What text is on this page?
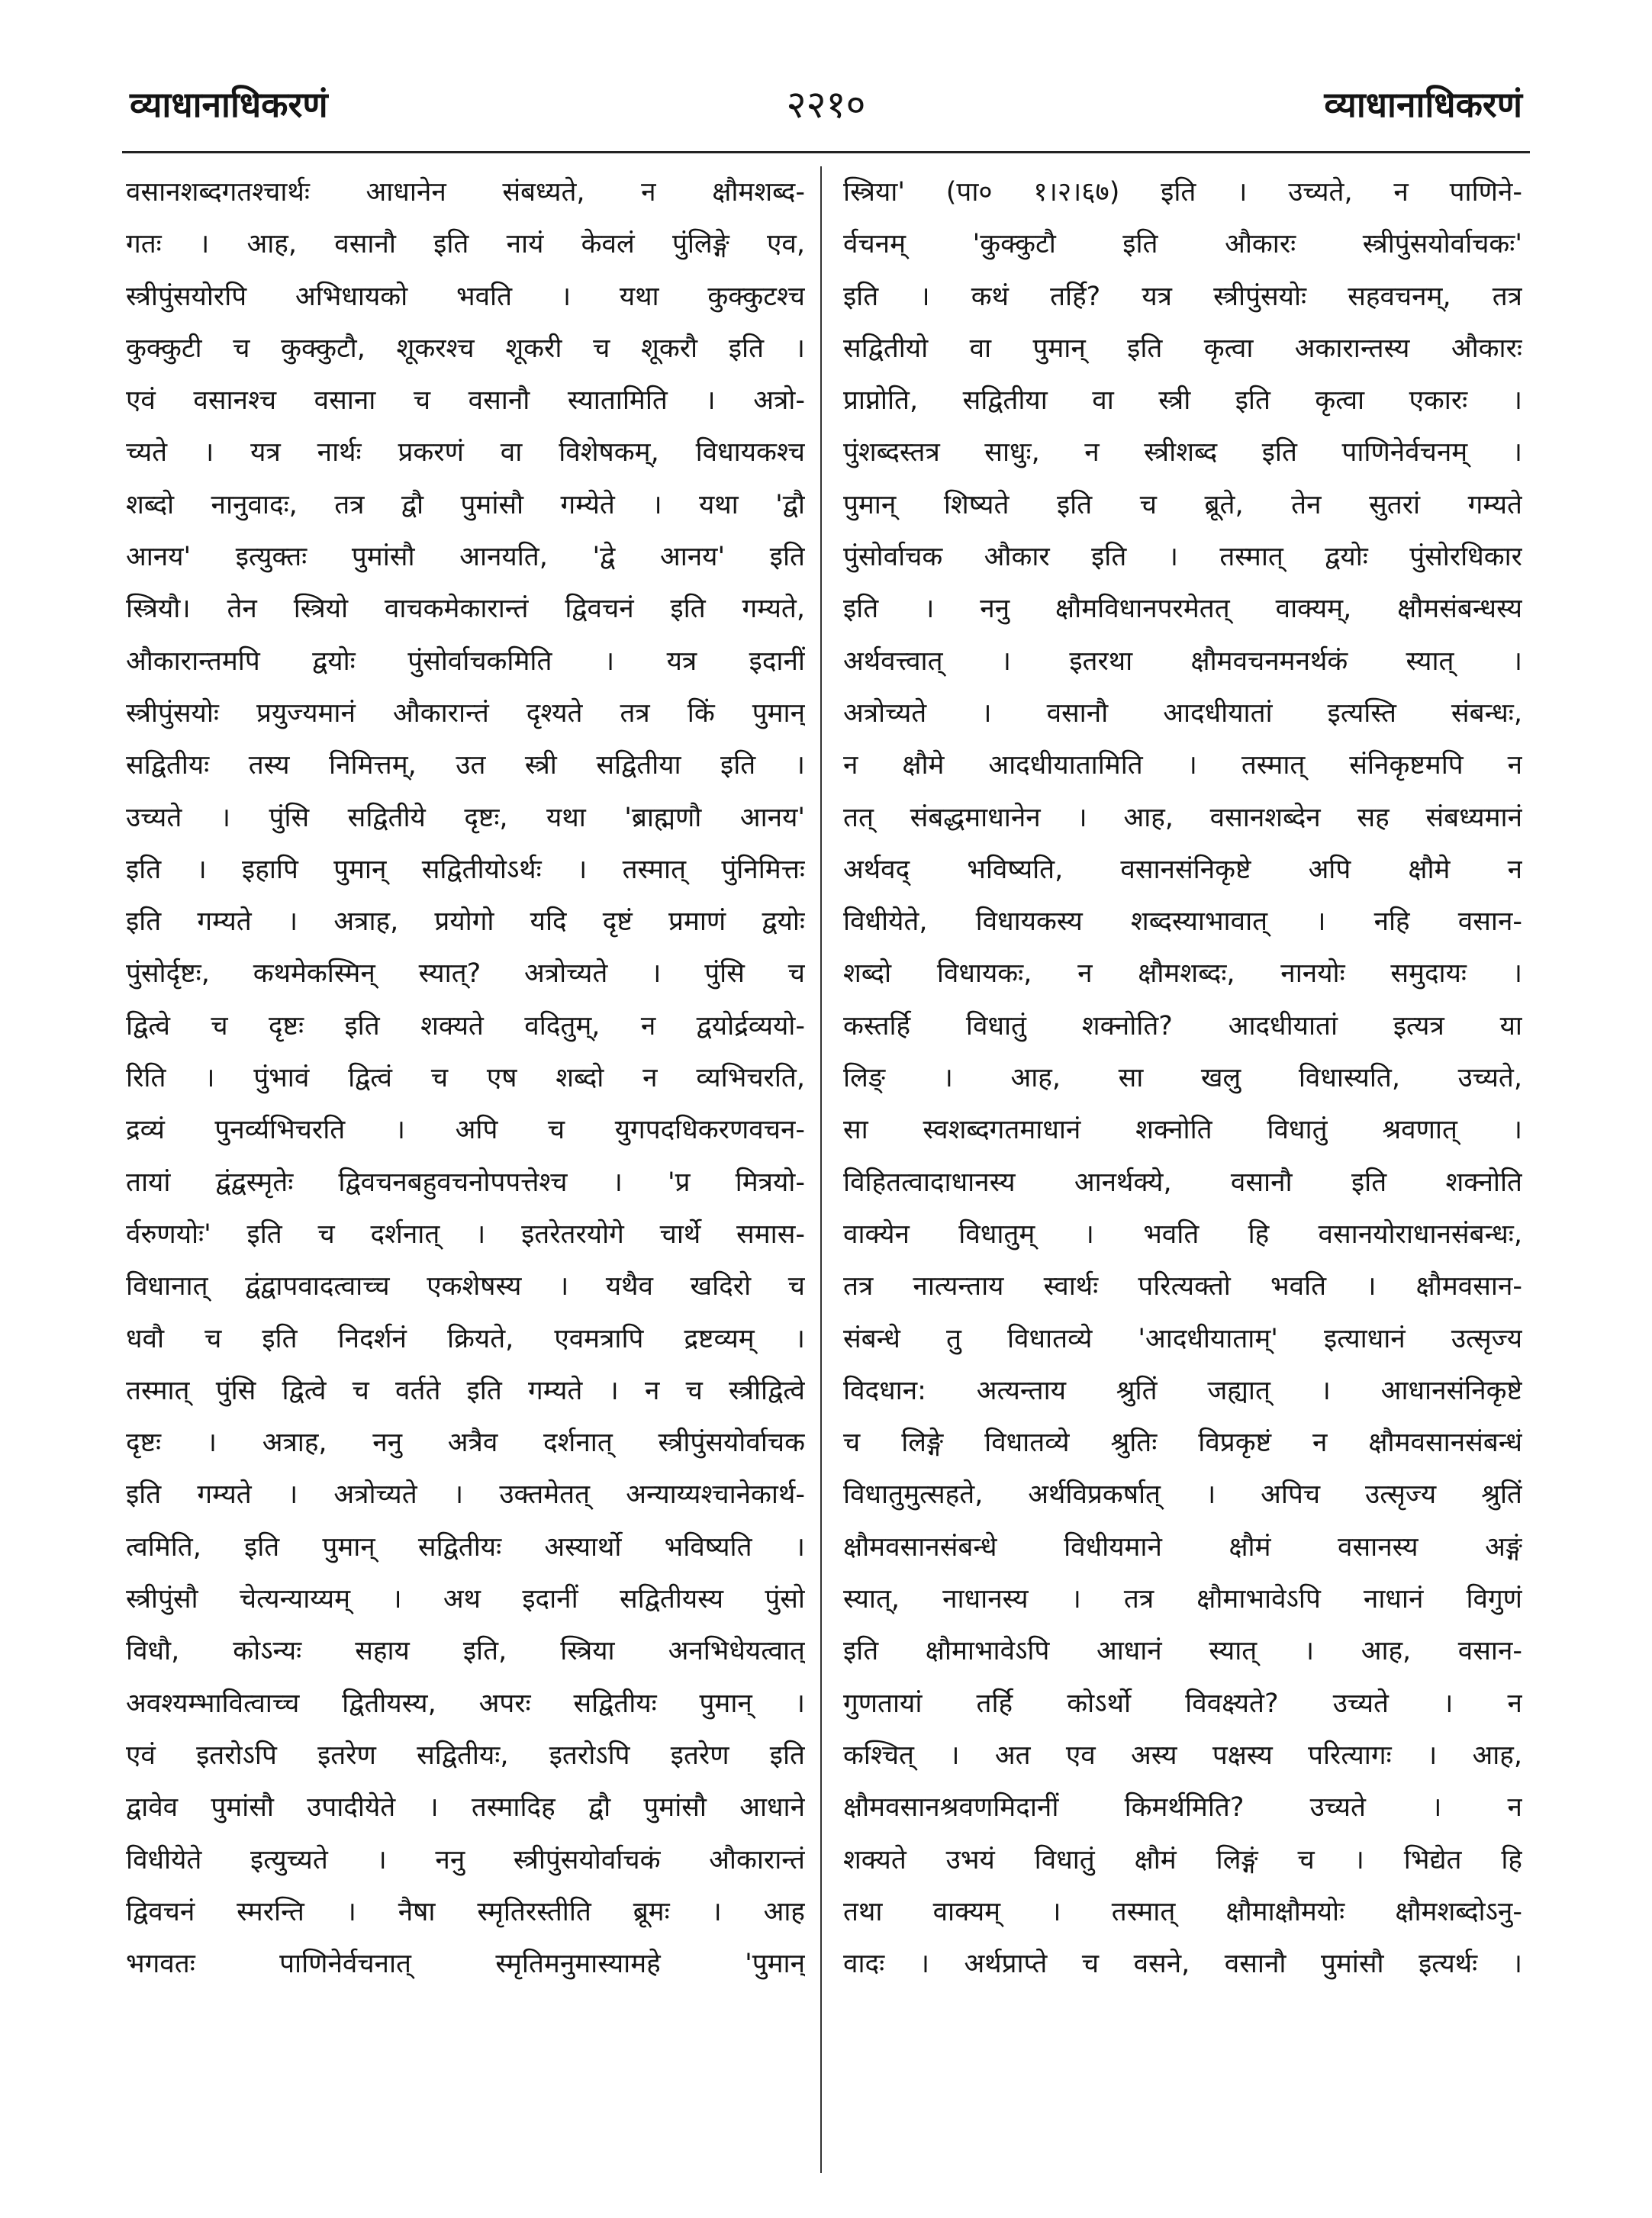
व्याधानाधिकरणं	२२१०	व्याधानाधिकरणं
वसानशब्दगतश्चार्थः आधानेन संबध्यते, न क्षौमशब्द-
गतः । आह, वसानौ इति नायं केवलं पुंलिङ्गे एव,
स्त्रीपुंसयोरपि अभिधायको भवति । यथा कुक्कुटश्च
कुक्कुटी च कुक्कुटौ, शूकरश्च शूकरी च शूकरौ इति ।
एवं वसानश्च वसाना च वसानौ स्यातामिति । अत्रो-
च्यते । यत्र नार्थः प्रकरणं वा विशेषकम्, विधायकश्च
शब्दो नानुवादः, तत्र द्वौ पुमांसौ गम्येते । यथा 'द्वौ
आनय' इत्युक्तः पुमांसौ आनयति, 'द्वे आनय' इति
स्त्रियौ। तेन स्त्रियो वाचकमेकारान्तं द्विवचनं इति गम्यते,
औकारान्तमपि द्वयोः पुंसोर्वाचकमिति । यत्र इदानीं
स्त्रीपुंसयोः प्रयुज्यमानं औकारान्तं दृश्यते तत्र किं पुमान्
सद्वितीयः तस्य निमित्तम्, उत स्त्री सद्वितीया इति ।
उच्यते । पुंसि सद्वितीये दृष्टः, यथा 'ब्राह्मणौ आनय'
इति । इहापि पुमान् सद्वितीयोऽर्थः । तस्मात् पुंनिमित्तः
इति गम्यते । अत्राह, प्रयोगो यदि दृष्टं प्रमाणं द्वयोः
पुंसोर्दृष्टः, कथमेकस्मिन् स्यात्? अत्रोच्यते । पुंसि च
द्वित्वे च दृष्टः इति शक्यते वदितुम्, न द्वयोर्द्रव्ययो-
रिति । पुंभावं द्वित्वं च एष शब्दो न व्यभिचरति,
द्रव्यं पुनर्व्यभिचरति । अपि च युगपदधिकरणवचन-
तायां द्वंद्वस्मृतेः द्विवचनबहुवचनोपपत्तेश्च । 'प्र मित्रयो-
र्वरुणयोः' इति च दर्शनात् । इतरेतरयोगे चार्थे समास-
विधानात् द्वंद्वापवादत्वाच्च एकशेषस्य । यथैव खदिरो च
धवौ च इति निदर्शनं क्रियते, एवमत्रापि द्रष्टव्यम् ।
तस्मात् पुंसि द्वित्वे च वर्तते इति गम्यते । न च स्त्रीद्वित्वे
दृष्टः । अत्राह, ननु अत्रैव दर्शनात् स्त्रीपुंसयोर्वाचक
इति गम्यते । अत्रोच्यते । उक्तमेतत् अन्याय्यश्चानेकार्थ-
त्वमिति, इति पुमान् सद्वितीयः अस्यार्थो भविष्यति ।
स्त्रीपुंसौ चेत्यन्याय्यम् । अथ इदानीं सद्वितीयस्य पुंसो
विधौ, कोऽन्यः सहाय इति, स्त्रिया अनभिधेयत्वात्
अवश्यम्भावित्वाच्च द्वितीयस्य, अपरः सद्वितीयः पुमान् ।
एवं इतरोऽपि इतरेण सद्वितीयः, इतरोऽपि इतरेण इति
द्वावेव पुमांसौ उपादीयेते । तस्मादिह द्वौ पुमांसौ आधाने
विधीयेते इत्युच्यते । ननु स्त्रीपुंसयोर्वाचकं औकारान्तं
द्विवचनं स्मरन्ति । नैषा स्मृतिरस्तीति ब्रूमः । आह
भगवतः पाणिनेर्वचनात् स्मृतिमनुमास्यामहे 'पुमान्
स्त्रिया' (पा० १।२।६७) इति । उच्यते, न पाणिने-
र्वचनम् 'कुक्कुटौ इति औकारः स्त्रीपुंसयोर्वाचकः'
इति । कथं तर्हि? यत्र स्त्रीपुंसयोः सहवचनम्, तत्र
सद्वितीयो वा पुमान् इति कृत्वा अकारान्तस्य औकारः
प्राप्नोति, सद्वितीया वा स्त्री इति कृत्वा एकारः ।
पुंशब्दस्तत्र साधुः, न स्त्रीशब्द इति पाणिनेर्वचनम् ।
पुमान् शिष्यते इति च ब्रूते, तेन सुतरां गम्यते
पुंसोर्वाचक औकार इति । तस्मात् द्वयोः पुंसोरधिकार
इति । ननु क्षौमविधानपरमेतत् वाक्यम्, क्षौमसंबन्धस्य
अर्थवत्त्वात् । इतरथा क्षौमवचनमनर्थकं स्यात् ।
अत्रोच्यते । वसानौ आदधीयातां इत्यस्ति संबन्धः,
न क्षौमे आदधीयातामिति । तस्मात् संनिकृष्टमपि न
तत् संबद्धमाधानेन । आह, वसानशब्देन सह संबध्यमानं
अर्थवद् भविष्यति, वसानसंनिकृष्टे अपि क्षौमे न
विधीयेते, विधायकस्य शब्दस्याभावात् । नहि वसान-
शब्दो विधायकः, न क्षौमशब्दः, नानयोः समुदायः ।
कस्तर्हि विधातुं शक्नोति? आदधीयातां इत्यत्र या
लिङ् । आह, सा खलु विधास्यति, उच्यते,
सा स्वशब्दगतमाधानं शक्नोति विधातुं श्रवणात् ।
विहितत्वादाधानस्य आनर्थक्ये, वसानौ इति शक्नोति
वाक्येन विधातुम् । भवति हि वसानयोराधानसंबन्धः,
तत्र नात्यन्ताय स्वार्थः परित्यक्तो भवति । क्षौमवसान-
संबन्धे तु विधातव्ये 'आदधीयाताम्' इत्याधानं उत्सृज्य
विदधान: अत्यन्ताय श्रुतिं जह्यात् । आधानसंनिकृष्टे
च लिङ्गे विधातव्ये श्रुतिः विप्रकृष्टं न क्षौमवसानसंबन्धं
विधातुमुत्सहते, अर्थविप्रकर्षात् । अपिच उत्सृज्य श्रुतिं
क्षौमवसानसंबन्धे विधीयमाने क्षौमं वसानस्य अङ्गं
स्यात्, नाधानस्य । तत्र क्षौमाभावेऽपि नाधानं विगुणं
इति क्षौमाभावेऽपि आधानं स्यात् । आह, वसान-
गुणतायां तर्हि कोऽर्थो विवक्ष्यते? उच्यते । न
कश्चित् । अत एव अस्य पक्षस्य परित्यागः । आह,
क्षौमवसानश्रवणमिदानीं किमर्थमिति? उच्यते । न
शक्यते उभयं विधातुं क्षौमं लिङ्गं च । भिद्येत हि
तथा वाक्यम् । तस्मात् क्षौमाक्षौमयोः क्षौमशब्दोऽनु-
वादः । अर्थप्राप्ते च वसने, वसानौ पुमांसौ इत्यर्थः ।
